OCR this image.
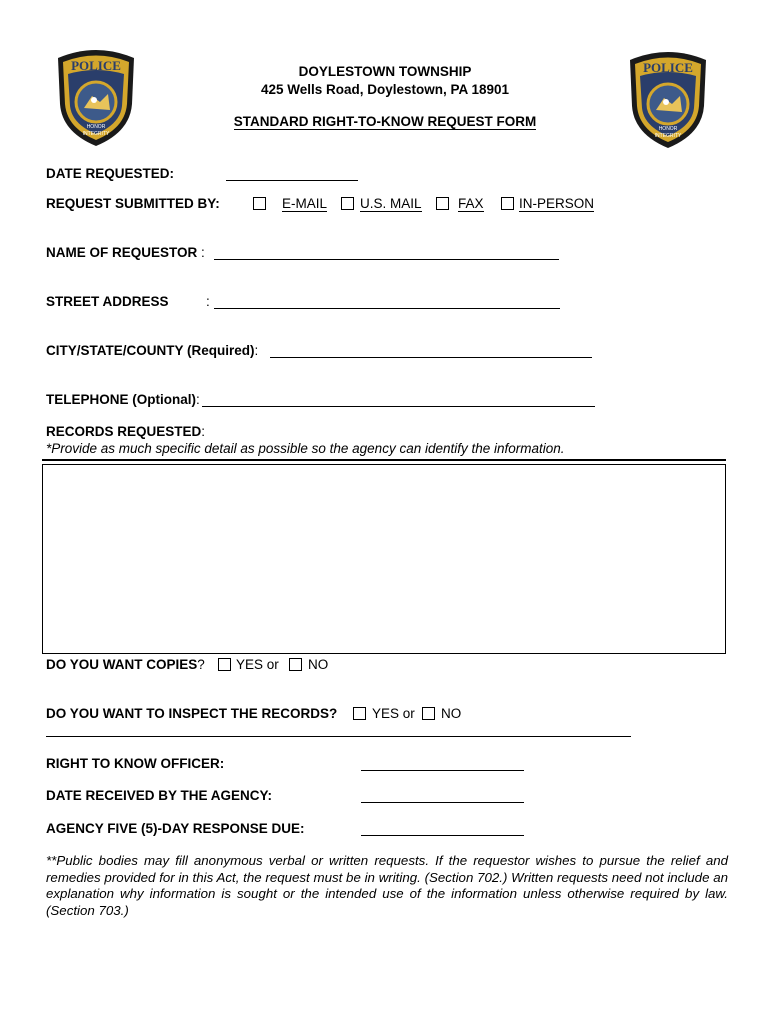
POLICE
HONOR
INTEGRITY
POLICE
HONOR
INTEGRITY
DOYLESTOWN TOWNSHIP
425 Wells Road, Doylestown, PA 18901
STANDARD RIGHT-TO-KNOW REQUEST FORM
DATE REQUESTED:
REQUEST SUBMITTED BY:	E-MAIL U.S. MAIL	FAX	IN-PERSON
NAME OF REQUESTOR :
STREET ADDRESS	:
CITY/STATE/COUNTY (Required):
TELEPHONE (Optional):
RECORDS REQUESTED:
*Provide as much specific detail as possible so the agency can identify the information.
DO YOU WANT COPIES? YES or NO
DO YOU WANT TO INSPECT THE RECORDS?	YES or NO
RIGHT TO KNOW OFFICER:
DATE RECEIVED BY THE AGENCY:
AGENCY FIVE (5)-DAY RESPONSE DUE:
**Public bodies may fill anonymous verbal or written requests. If the requestor wishes to pursue the relief and remedies provided for in this Act, the request must be in writing. (Section 702.) Written requests need not include an explanation why information is sought or the intended use of the information unless otherwise required by law. (Section 703.)
